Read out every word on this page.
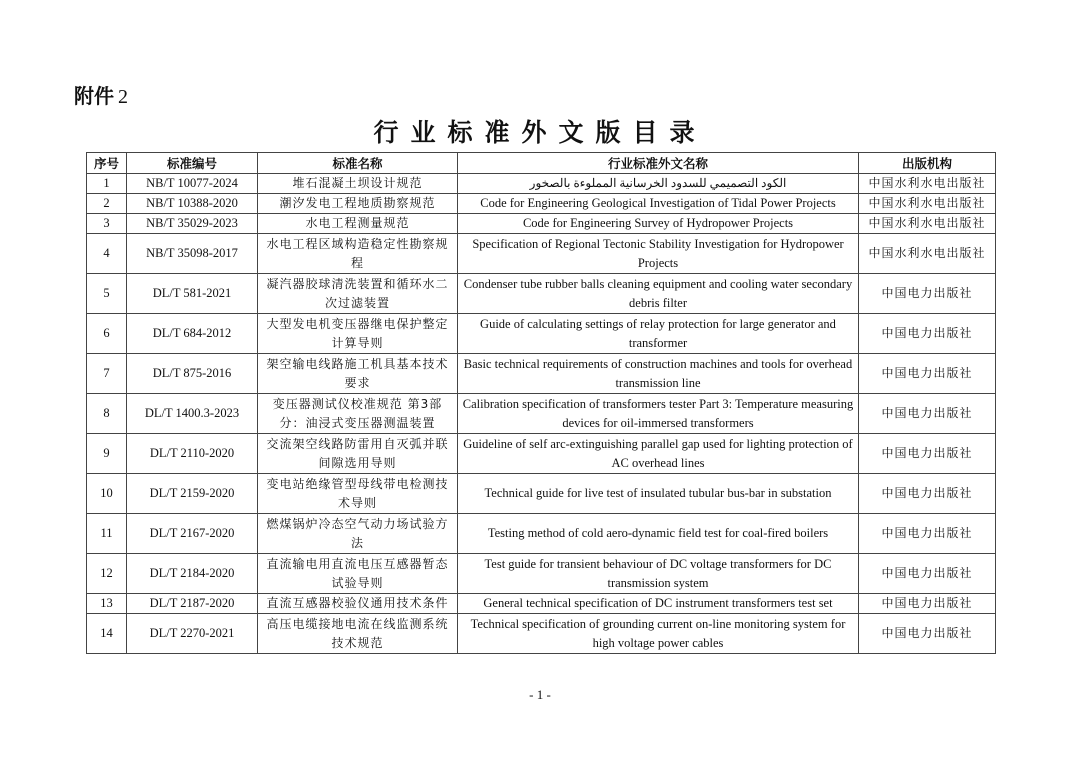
附件 2
行业标准外文版目录
序号	标准编号	标准名称	行业标准外文名称	出版机构
1	NB/T 10077-2024	堆石混凝土坝设计规范	الكود التصميمي للسدود الخرسانية المملوءة بالصخور	中国水利水电出版社
2	NB/T 10388-2020	潮汐发电工程地质勘察规范	Code for Engineering Geological Investigation of Tidal Power Projects	中国水利水电出版社
3	NB/T 35029-2023	水电工程测量规范	Code for Engineering Survey of Hydropower Projects	中国水利水电出版社
4	NB/T 35098-2017	水电工程区域构造稳定性勘察规程	Specification of Regional Tectonic Stability Investigation for Hydropower Projects	中国水利水电出版社
5	DL/T 581-2021	凝汽器胶球清洗装置和循环水二次过滤装置	Condenser tube rubber balls cleaning equipment and cooling water secondary debris filter	中国电力出版社
6	DL/T 684-2012	大型发电机变压器继电保护整定计算导则	Guide of calculating settings of relay protection for large generator and transformer	中国电力出版社
7	DL/T 875-2016	架空输电线路施工机具基本技术要求	Basic technical requirements of construction machines and tools for overhead transmission line	中国电力出版社
8	DL/T 1400.3-2023	变压器测试仪校准规范 第3部分：油浸式变压器测温装置	Calibration specification of transformers tester Part 3: Temperature measuring devices for oil-immersed transformers	中国电力出版社
9	DL/T 2110-2020	交流架空线路防雷用自灭弧并联间隙选用导则	Guideline of self arc-extinguishing parallel gap used for lighting protection of AC overhead lines	中国电力出版社
10	DL/T 2159-2020	变电站绝缘管型母线带电检测技术导则	Technical guide for live test of insulated tubular bus-bar in substation	中国电力出版社
11	DL/T 2167-2020	燃煤锅炉冷态空气动力场试验方法	Testing method of cold aero-dynamic field test for coal-fired boilers	中国电力出版社
12	DL/T 2184-2020	直流输电用直流电压互感器暂态试验导则	Test guide for transient behaviour of DC voltage transformers for DC transmission system	中国电力出版社
13	DL/T 2187-2020	直流互感器校验仪通用技术条件	General technical specification of DC instrument transformers test set	中国电力出版社
14	DL/T 2270-2021	高压电缆接地电流在线监测系统技术规范	Technical specification of grounding current on-line monitoring system for high voltage power cables	中国电力出版社
- 1 -
